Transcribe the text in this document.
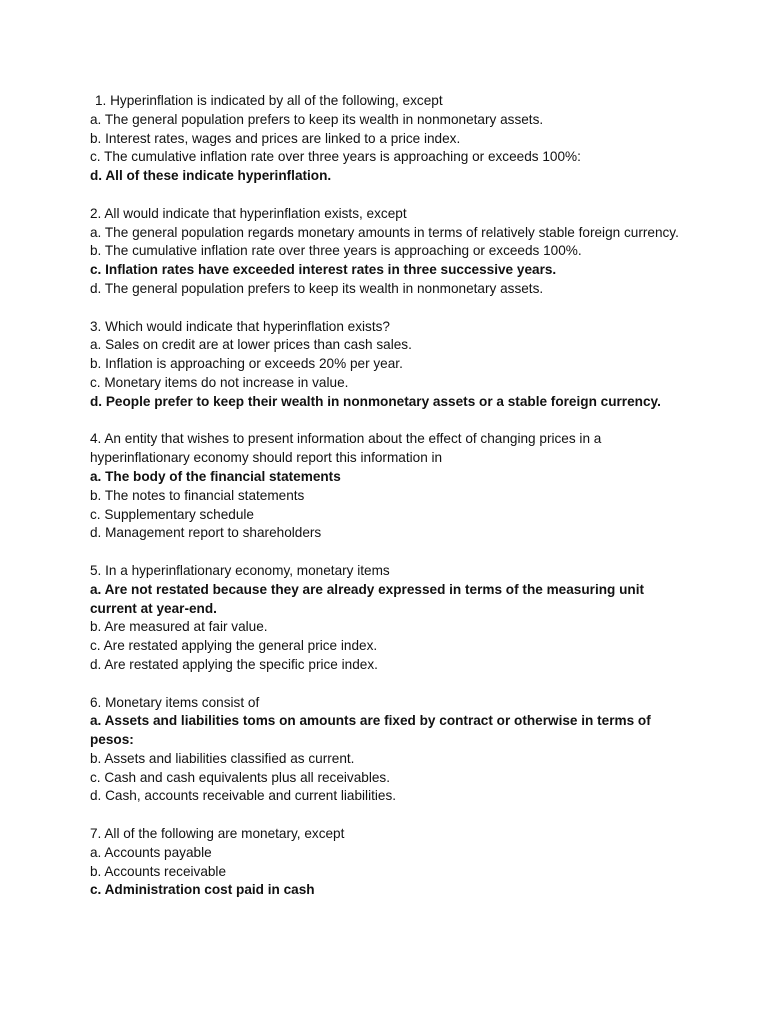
1. Hyperinflation is indicated by all of the following, except
a. The general population prefers to keep its wealth in nonmonetary assets.
b. Interest rates, wages and prices are linked to a price index.
c. The cumulative inflation rate over three years is approaching or exceeds 100%:
d. All of these indicate hyperinflation.
2. All would indicate that hyperinflation exists, except
a. The general population regards monetary amounts in terms of relatively stable foreign currency.
b. The cumulative inflation rate over three years is approaching or exceeds 100%.
c. Inflation rates have exceeded interest rates in three successive years.
d. The general population prefers to keep its wealth in nonmonetary assets.
3. Which would indicate that hyperinflation exists?
a. Sales on credit are at lower prices than cash sales.
b. Inflation is approaching or exceeds 20% per year.
c. Monetary items do not increase in value.
d. People prefer to keep their wealth in nonmonetary assets or a stable foreign currency.
4. An entity that wishes to present information about the effect of changing prices in a hyperinflationary economy should report this information in
a. The body of the financial statements
b. The notes to financial statements
c. Supplementary schedule
d. Management report to shareholders
5. In a hyperinflationary economy, monetary items
a. Are not restated because they are already expressed in terms of the measuring unit current at year-end.
b. Are measured at fair value.
c. Are restated applying the general price index.
d. Are restated applying the specific price index.
6. Monetary items consist of
a. Assets and liabilities toms on amounts are fixed by contract or otherwise in terms of pesos:
b. Assets and liabilities classified as current.
c. Cash and cash equivalents plus all receivables.
d. Cash, accounts receivable and current liabilities.
7. All of the following are monetary, except
a. Accounts payable
b. Accounts receivable
c. Administration cost paid in cash
